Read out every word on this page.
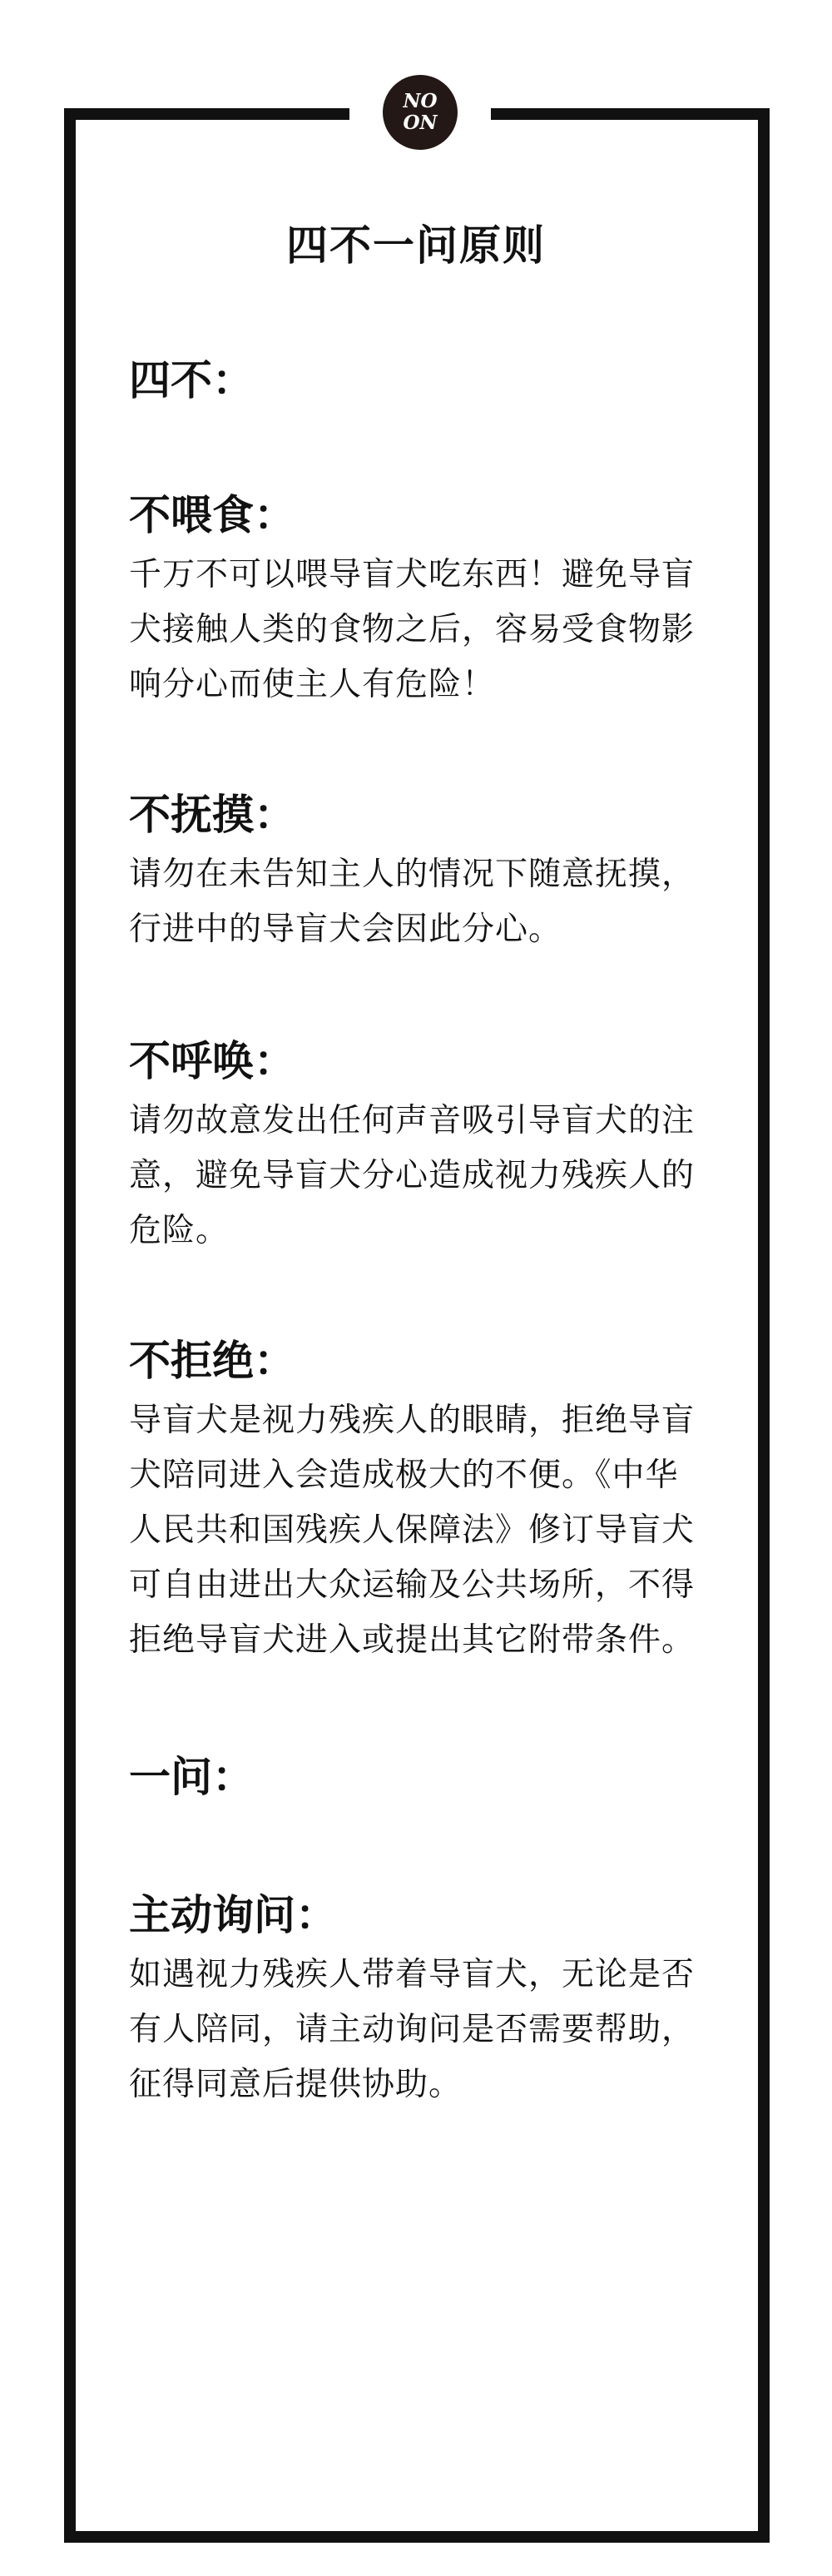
NO
ON
四不一问原则
四不：
不喂食：

千万不可以喂导盲犬吃东西！避免导盲犬接触人类的食物之后，容易受食物影响分心而使主人有危险！

不抚摸：

请勿在未告知主人的情况下随意抚摸，行进中的导盲犬会因此分心。

不呼唤：

请勿故意发出任何声音吸引导盲犬的注意，避免导盲犬分心造成视力残疾人的危险。

不拒绝：

导盲犬是视力残疾人的眼睛，拒绝导盲犬陪同进入会造成极大的不便。《中华人民共和国残疾人保障法》修订导盲犬可自由进出大众运输及公共场所，不得拒绝导盲犬进入或提出其它附带条件。

一问：
主动询问：

如遇视力残疾人带着导盲犬，无论是否有人陪同，请主动询问是否需要帮助，征得同意后提供协助。
